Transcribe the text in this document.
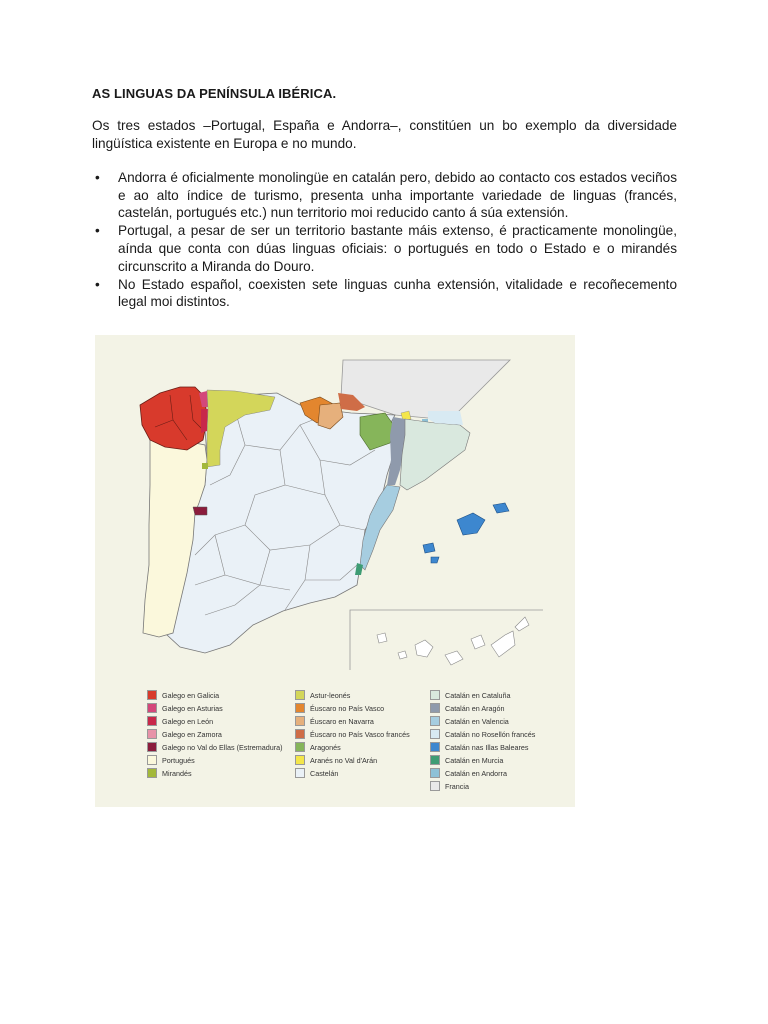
AS LINGUAS DA PENÍNSULA IBÉRICA.

Os tres estados –Portugal, España e Andorra–, constitúen un bo exemplo da diversidade lingüística existente en Europa e no mundo.

• Andorra é oficialmente monolingüe en catalán pero, debido ao contacto cos estados veciños e ao alto índice de turismo, presenta unha importante variedade de linguas (francés, castelán, portugués etc.) nun territorio moi reducido canto á súa extensión.
• Portugal, a pesar de ser un territorio bastante máis extenso, é practicamente monolingüe, aínda que conta con dúas linguas oficiais: o portugués en todo o Estado e o mirandés circunscrito a Miranda do Douro.
• No Estado español, coexisten sete linguas cunha extensión, vitalidade e recoñecemento legal moi distintos.
Galego en Galicia
Galego en Asturias
Galego en León
Galego en Zamora
Galego no Val do Ellas (Estremadura)
Portugués
Mirandés
Astur-leonés
Éuscaro no País Vasco
Éuscaro en Navarra
Éuscaro no País Vasco francés
Aragonés
Aranés no Val d'Arán
Castelán
Catalán en Cataluña
Catalán en Aragón
Catalán en Valencia
Catalán no Rosellón francés
Catalán nas Illas Baleares
Catalán en Murcia
Catalán en Andorra
Francia
